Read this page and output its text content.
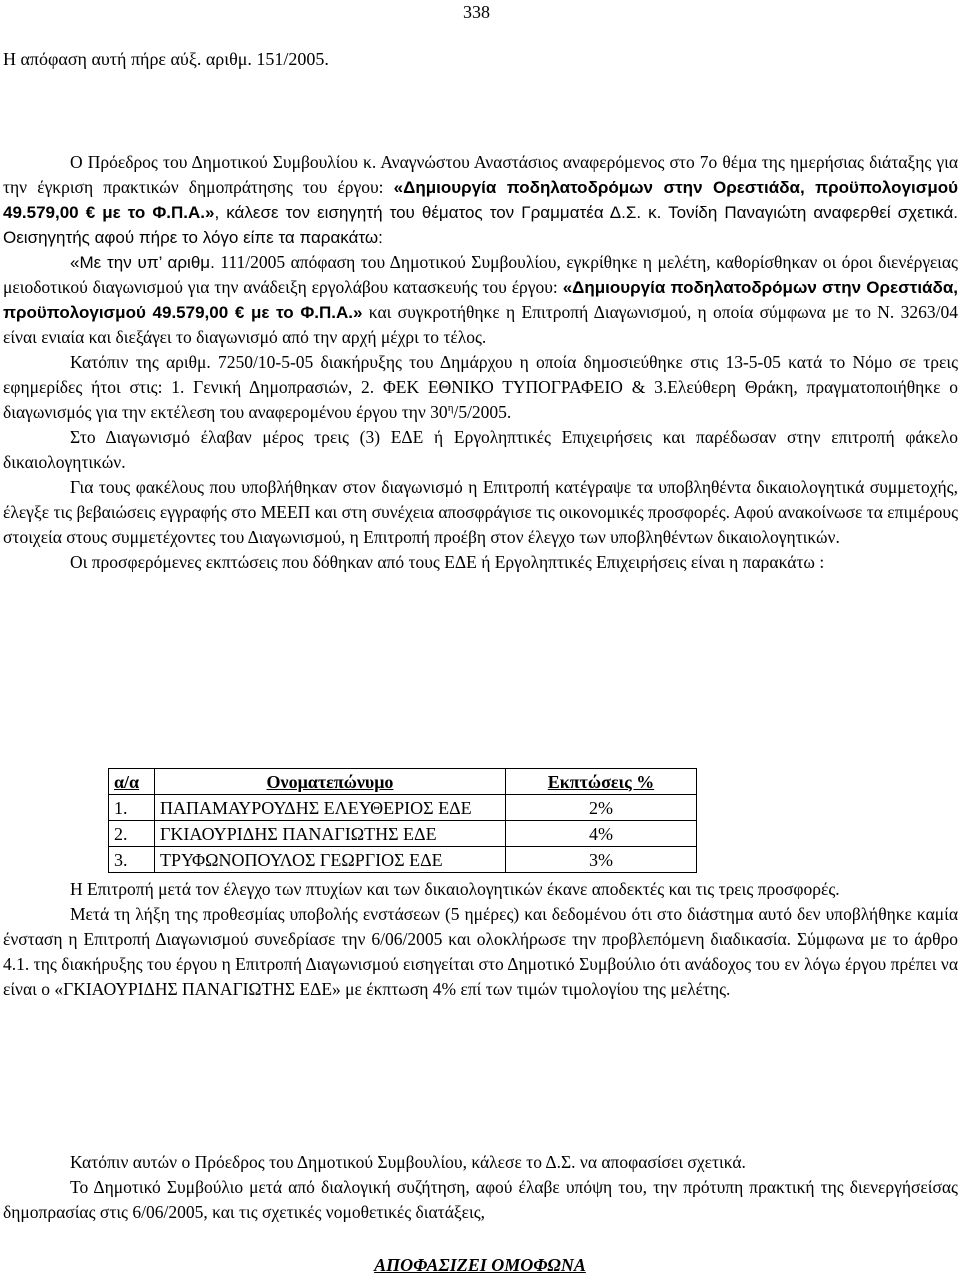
338
Η απόφαση αυτή πήρε αύξ. αριθμ. 151/2005.

Ο Πρόεδρος του Δημοτικού Συμβουλίου κ. Αναγνώστου Αναστάσιος αναφερόμενος στο 7ο θέμα της ημερήσιας διάταξης για την έγκριση πρακτικών δημοπράτησης του έργου: «Δημιουργία ποδηλατοδρόμων στην Ορεστιάδα, προϋπολογισμού 49.579,00 € με το Φ.Π.Α.», κάλεσε τον εισηγητή του θέματος τον Γραμματέα Δ.Σ. κ. Τονίδη Παναγιώτη αναφερθεί σχετικά. Οεισηγητής αφού πήρε το λόγο είπε τα παρακάτω:

«Με την υπ’ αριθμ. 111/2005 απόφαση του Δημοτικού Συμβουλίου, εγκρίθηκε η μελέτη, καθορίσθηκαν οι όροι διενέργειας μειοδοτικού διαγωνισμού για την ανάδειξη εργολάβου κατασκευής του έργου: «Δημιουργία ποδηλατοδρόμων στην Ορεστιάδα, προϋπολογισμού 49.579,00 € με το Φ.Π.Α.» και συγκροτήθηκε η Επιτροπή Διαγωνισμού, η οποία σύμφωνα με το Ν. 3263/04 είναι ενιαία και διεξάγει το διαγωνισμό από την αρχή μέχρι το τέλος.

Κατόπιν της αριθμ. 7250/10-5-05 διακήρυξης του Δημάρχου η οποία δημοσιεύθηκε στις 13-5-05 κατά το Νόμο σε τρεις εφημερίδες ήτοι στις: 1. Γενική Δημοπρασιών, 2. ΦΕΚ ΕΘΝΙΚΟ ΤΥΠΟΓΡΑΦΕΙΟ & 3.Ελεύθερη Θράκη, πραγματοποιήθηκε ο διαγωνισμός για την εκτέλεση του αναφερομένου έργου την $30^\eta/5/2005$.

Στο Διαγωνισμό έλαβαν μέρος τρεις (3) ΕΔΕ ή Εργοληπτικές Επιχειρήσεις και παρέδωσαν στην επιτροπή φάκελο δικαιολογητικών.

Για τους φακέλους που υποβλήθηκαν στον διαγωνισμό η Επιτροπή κατέγραψε τα υποβληθέντα δικαιολογητικά συμμετοχής, έλεγξε τις βεβαιώσεις εγγραφής στο ΜΕΕΠ και στη συνέχεια αποσφράγισε τις οικονομικές προσφορές. Αφού ανακοίνωσε τα επιμέρους στοιχεία στους συμμετέχοντες του Διαγωνισμού, η Επιτροπή προέβη στον έλεγχο των υποβληθέντων δικαιολογητικών.

Οι προσφερόμενες εκπτώσεις που δόθηκαν από τους ΕΔΕ ή Εργοληπτικές Επιχειρήσεις είναι η παρακάτω :

α/α	Ονοματεπώνυμο	Εκπτώσεις %
1.	ΠΑΠΑΜΑΥΡΟΥΔΗΣ ΕΛΕΥΘΕΡΙΟΣ ΕΔΕ	2%
2.	ΓΚΙΑΟΥΡΙΔΗΣ ΠΑΝΑΓΙΩΤΗΣ ΕΔΕ	4%
3.	ΤΡΥΦΩΝΟΠΟΥΛΟΣ ΓΕΩΡΓΙΟΣ ΕΔΕ	3%

Η Επιτροπή μετά τον έλεγχο των πτυχίων και των δικαιολογητικών έκανε αποδεκτές και τις τρεις προσφορές.

Μετά τη λήξη της προθεσμίας υποβολής ενστάσεων (5 ημέρες) και δεδομένου ότι στο διάστημα αυτό δεν υποβλήθηκε καμία ένσταση η Επιτροπή Διαγωνισμού συνεδρίασε την 6/06/2005 και ολοκλήρωσε την προβλεπόμενη διαδικασία. Σύμφωνα με το άρθρο 4.1. της διακήρυξης του έργου η Επιτροπή Διαγωνισμού εισηγείται στο Δημοτικό Συμβούλιο ότι ανάδοχος του εν λόγω έργου πρέπει να είναι ο «ΓΚΙΑΟΥΡΙΔΗΣ ΠΑΝΑΓΙΩΤΗΣ ΕΔΕ» με έκπτωση 4% επί των τιμών τιμολογίου της μελέτης.

Κατόπιν αυτών ο Πρόεδρος του Δημοτικού Συμβουλίου, κάλεσε το Δ.Σ. να αποφασίσει σχετικά.

Το Δημοτικό Συμβούλιο μετά από διαλογική συζήτηση, αφού έλαβε υπόψη του, την πρότυπη πρακτική της διενεργήσείσας δημοπρασίας στις 6/06/2005, και τις σχετικές νομοθετικές διατάξεις,

ΑΠΟΦΑΣΙΖΕΙ ΟΜΟΦΩΝΑ
